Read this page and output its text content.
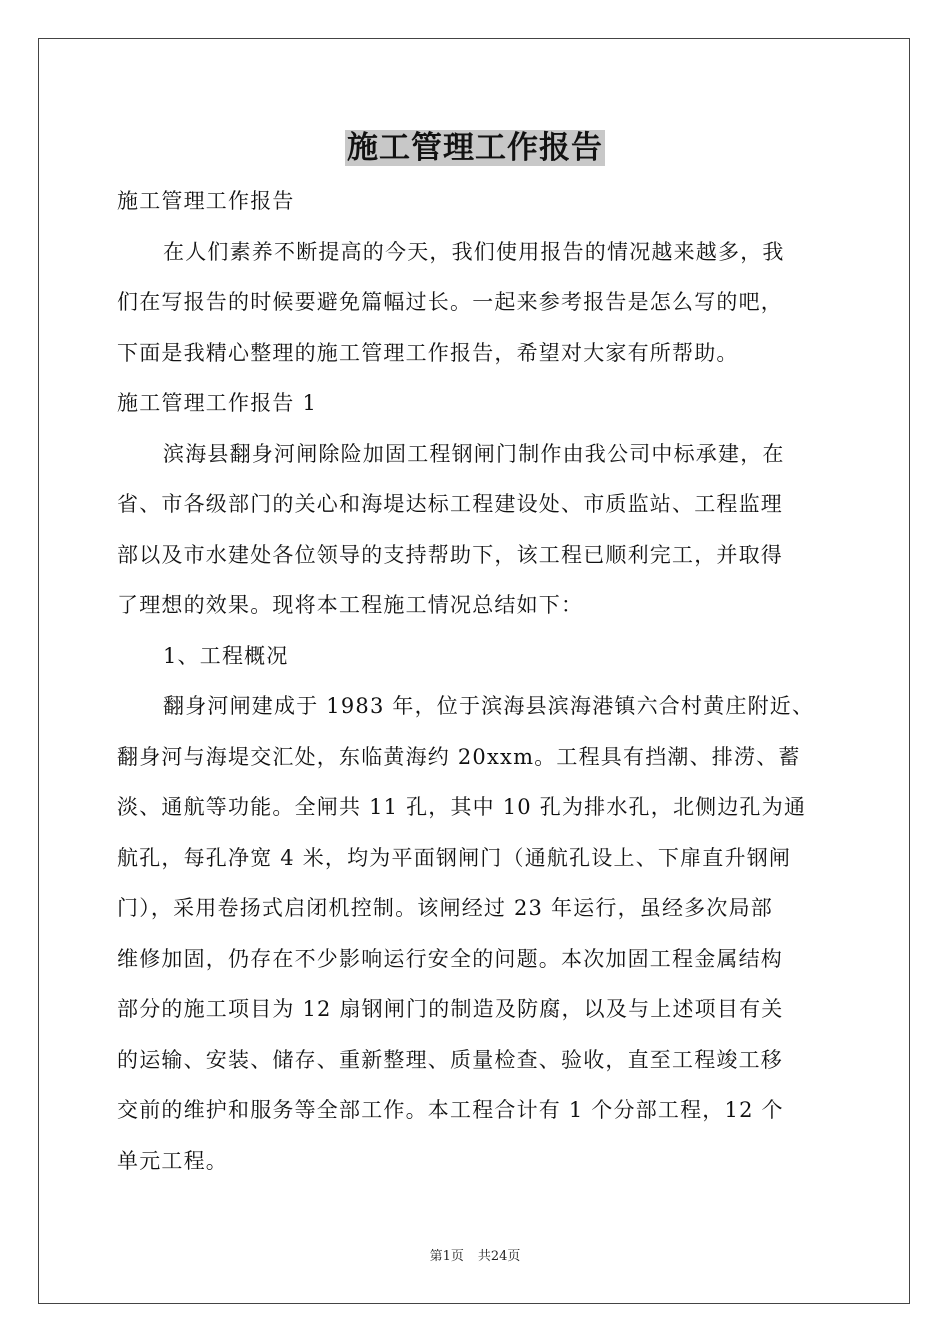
施工管理工作报告
施工管理工作报告
在人们素养不断提高的今天，我们使用报告的情况越来越多，我
们在写报告的时候要避免篇幅过长。一起来参考报告是怎么写的吧，
下面是我精心整理的施工管理工作报告，希望对大家有所帮助。
施工管理工作报告 1
滨海县翻身河闸除险加固工程钢闸门制作由我公司中标承建，在
省、市各级部门的关心和海堤达标工程建设处、市质监站、工程监理
部以及市水建处各位领导的支持帮助下，该工程已顺利完工，并取得
了理想的效果。现将本工程施工情况总结如下：
1、工程概况
翻身河闸建成于 1983 年，位于滨海县滨海港镇六合村黄庄附近、
翻身河与海堤交汇处，东临黄海约 20xxm。工程具有挡潮、排涝、蓄
淡、通航等功能。全闸共 11 孔，其中 10 孔为排水孔，北侧边孔为通
航孔，每孔净宽 4 米，均为平面钢闸门（通航孔设上、下扉直升钢闸
门），采用卷扬式启闭机控制。该闸经过 23 年运行，虽经多次局部
维修加固，仍存在不少影响运行安全的问题。本次加固工程金属结构
部分的施工项目为 12 扇钢闸门的制造及防腐，以及与上述项目有关
的运输、安装、储存、重新整理、质量检查、验收，直至工程竣工移
交前的维护和服务等全部工作。本工程合计有 1 个分部工程，12 个
单元工程。
第1页 共24页
